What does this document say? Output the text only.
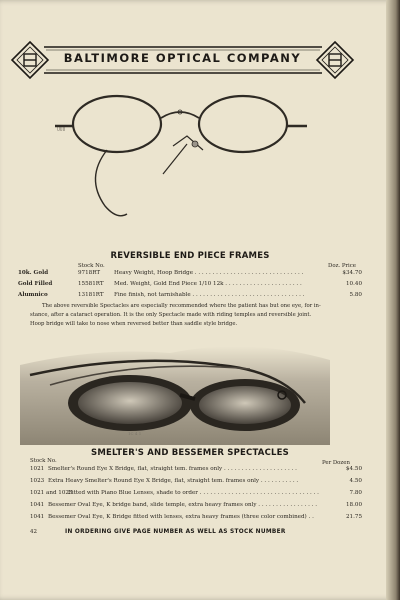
BALTIMORE OPTICAL COMPANY
▯▯▯
REVERSIBLE END PIECE FRAMES
Stock No.	Doz. Price
10k. Gold	9718RT Heavy Weight, Hoop Bridge . . . . . . . . . . . . . . . . . . . . . . . . . . . . . . .	$34.70
Gold Filled	15581RT Med. Weight, Gold End Piece 1/10 12k . . . . . . . . . . . . . . . . . . . . . .	10.40
Alumnico	13181RT Fine finish, not tarnishable . . . . . . . . . . . . . . . . . . . . . . . . . . . . . . . .	5.80

The above reversible Spectacles are especially recommended where the patient has but one eye, for in-

stance, after a cataract operation. It is the only Spectacle made with riding temples and reversible joint.

Hoop bridge will take to nose when reversed better than saddle style bridge.

1C 4 1
SMELTER'S AND BESSEMER SPECTACLES
Stock No.	Per Dozen
1021 Smelter's Round Eye X Bridge, flat, straight tem. frames only . . . . . . . . . . . . . . . . . . . . .	$4.50
1023 Extra Heavy Smelter's Round Eye X Bridge, flat, straight tem. frames only . . . . . . . . . . .	4.50
1021 and 1023
Fitted with Piano Blue Lenses, shade to order . . . . . . . . . . . . . . . . . . . . . . . . . . . . . . . . . .	7.80
1041 Bessemer Oval Eye, K bridge band, slide temple, extra heavy frames only . . . . . . . . . . . . . . . . .	18.00
1041 Bessemer Oval Eye, K Bridge fitted with lenses, extra heavy frames (three color combined) . .	21.75
42	IN ORDERING GIVE PAGE NUMBER AS WELL AS STOCK NUMBER
